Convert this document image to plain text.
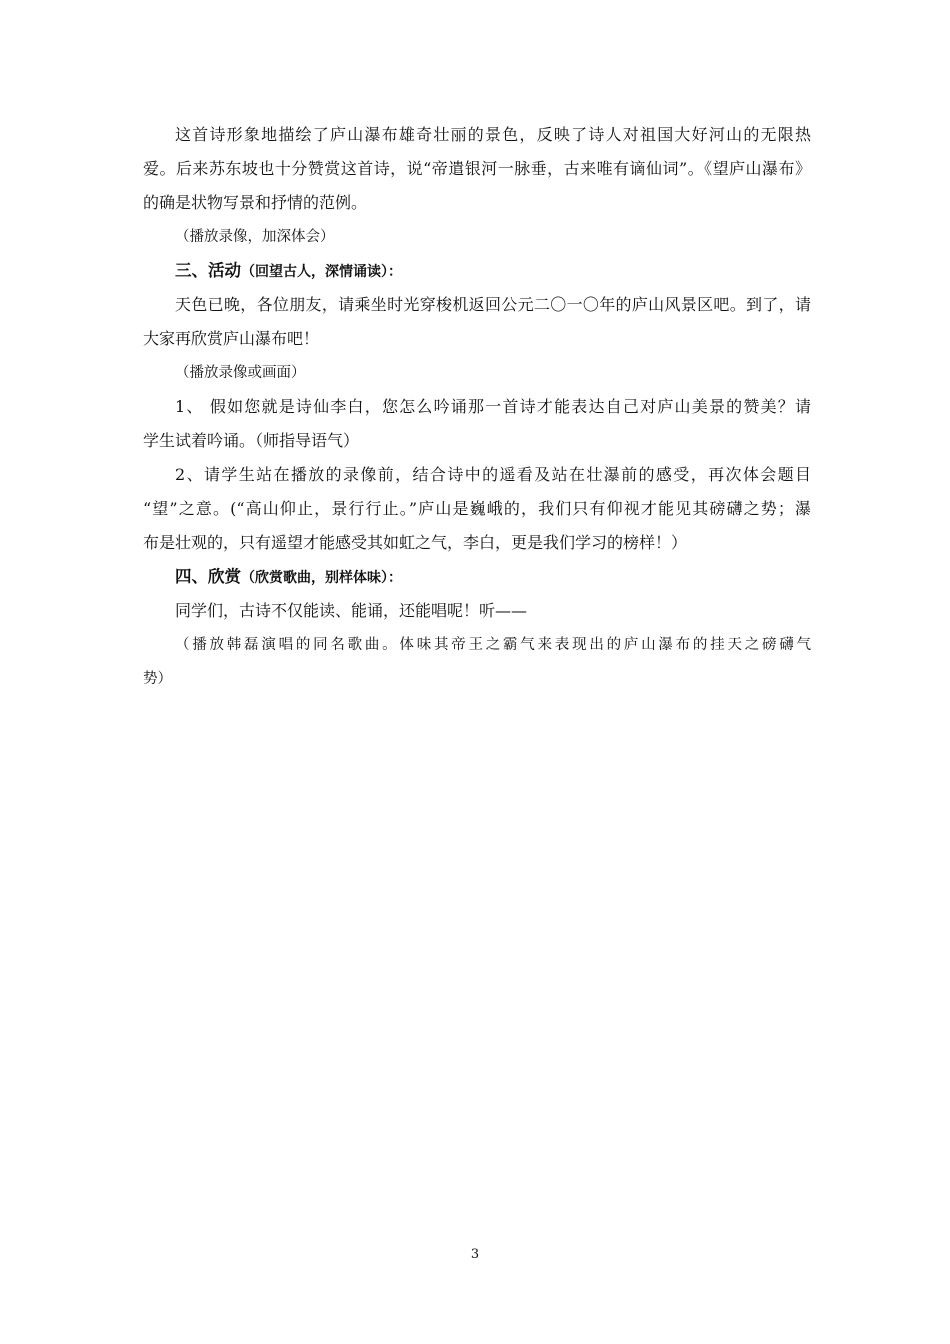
这首诗形象地描绘了庐山瀑布雄奇壮丽的景色，反映了诗人对祖国大好河山的无限热
爱。后来苏东坡也十分赞赏这首诗，说“帝遣银河一脉垂，古来唯有谪仙词”。《望庐山瀑布》
的确是状物写景和抒情的范例。
（播放录像，加深体会）
三、活动（回望古人，深情诵读）：
天色已晚，各位朋友，请乘坐时光穿梭机返回公元二〇一〇年的庐山风景区吧。到了，请
大家再欣赏庐山瀑布吧！
（播放录像或画面）
1、 假如您就是诗仙李白，您怎么吟诵那一首诗才能表达自己对庐山美景的赞美？请
学生试着吟诵。（师指导语气）
2、请学生站在播放的录像前，结合诗中的遥看及站在壮瀑前的感受，再次体会题目
“望”之意。(“高山仰止，景行行止。”庐山是巍峨的，我们只有仰视才能见其磅礴之势；瀑
布是壮观的，只有遥望才能感受其如虹之气，李白，更是我们学习的榜样！）
四、欣赏（欣赏歌曲，别样体味）：
同学们，古诗不仅能读、能诵，还能唱呢！听——
（播放韩磊演唱的同名歌曲。体味其帝王之霸气来表现出的庐山瀑布的挂天之磅礴气
势）
3
